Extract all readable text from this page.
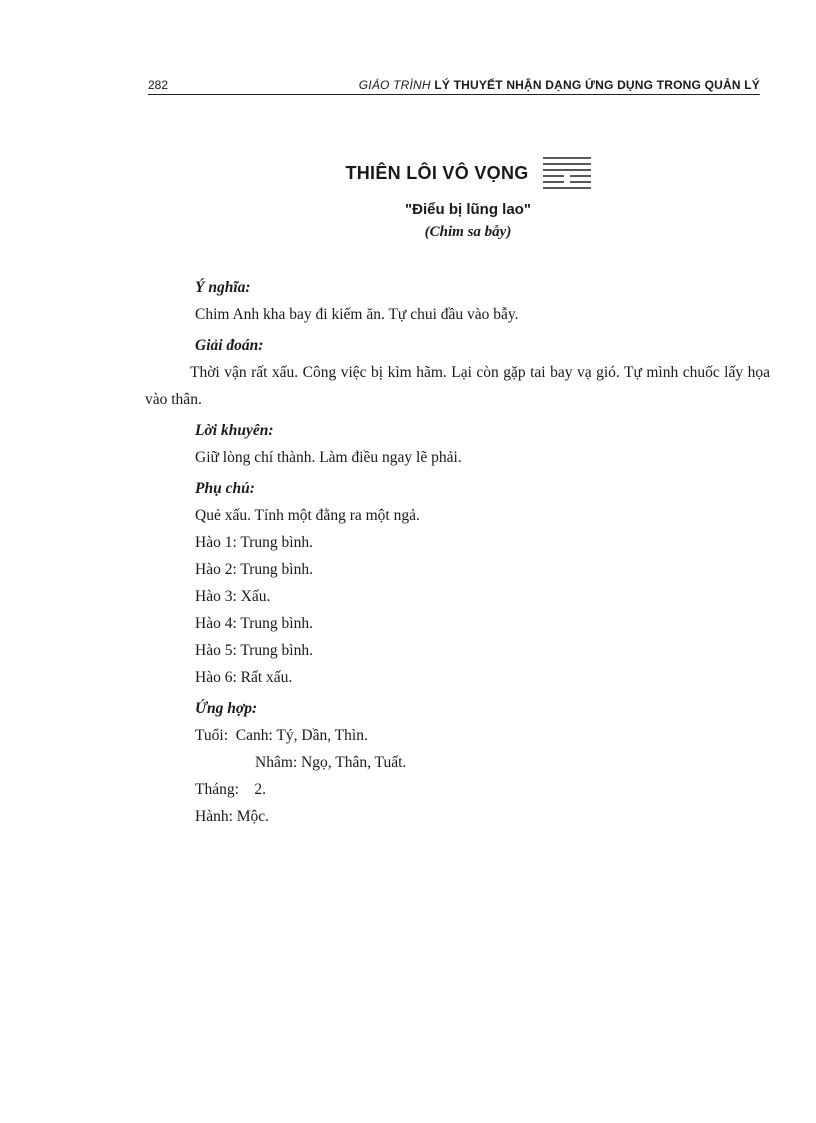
282	GIÁO TRÌNH LÝ THUYẾT NHẬN DẠNG ỨNG DỤNG TRONG QUẢN LÝ
THIÊN LÔI VÔ VỌNG
"Điểu bị lũng lao"
(Chim sa bẫy)
Ý nghĩa:
Chim Anh kha bay đi kiếm ăn. Tự chui đầu vào bẫy.
Giải đoán:
Thời vận rất xấu. Công việc bị kìm hãm. Lại còn gặp tai bay vạ gió. Tự mình chuốc lấy họa vào thân.
Lời khuyên:
Giữ lòng chí thành. Làm điều ngay lẽ phải.
Phụ chú:
Quẻ xấu. Tính một đằng ra một ngả.
Hào 1: Trung bình.
Hào 2: Trung bình.
Hào 3: Xấu.
Hào 4: Trung bình.
Hào 5: Trung bình.
Hào 6: Rất xấu.
Ứng hợp:
Tuổi:  Canh: Tý, Dần, Thìn.
Nhâm: Ngọ, Thân, Tuất.
Tháng:    2.
Hành: Mộc.
